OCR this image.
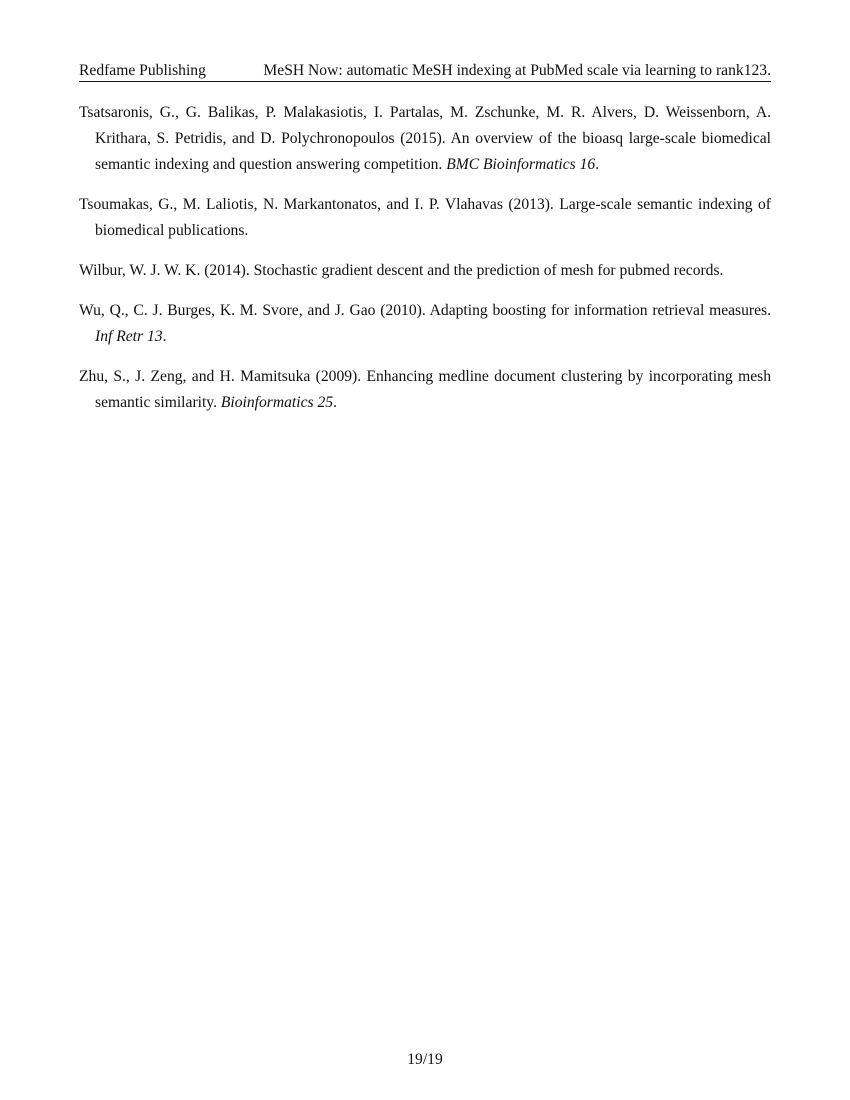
Redfame Publishing	MeSH Now: automatic MeSH indexing at PubMed scale via learning to rank123.
Tsatsaronis, G., G. Balikas, P. Malakasiotis, I. Partalas, M. Zschunke, M. R. Alvers, D. Weissenborn, A. Krithara, S. Petridis, and D. Polychronopoulos (2015). An overview of the bioasq large-scale biomedical semantic indexing and question answering competition. BMC Bioinformatics 16.
Tsoumakas, G., M. Laliotis, N. Markantonatos, and I. P. Vlahavas (2013). Large-scale semantic indexing of biomedical publications.
Wilbur, W. J. W. K. (2014). Stochastic gradient descent and the prediction of mesh for pubmed records.
Wu, Q., C. J. Burges, K. M. Svore, and J. Gao (2010). Adapting boosting for information retrieval measures. Inf Retr 13.
Zhu, S., J. Zeng, and H. Mamitsuka (2009). Enhancing medline document clustering by incorporating mesh semantic similarity. Bioinformatics 25.
19/19
